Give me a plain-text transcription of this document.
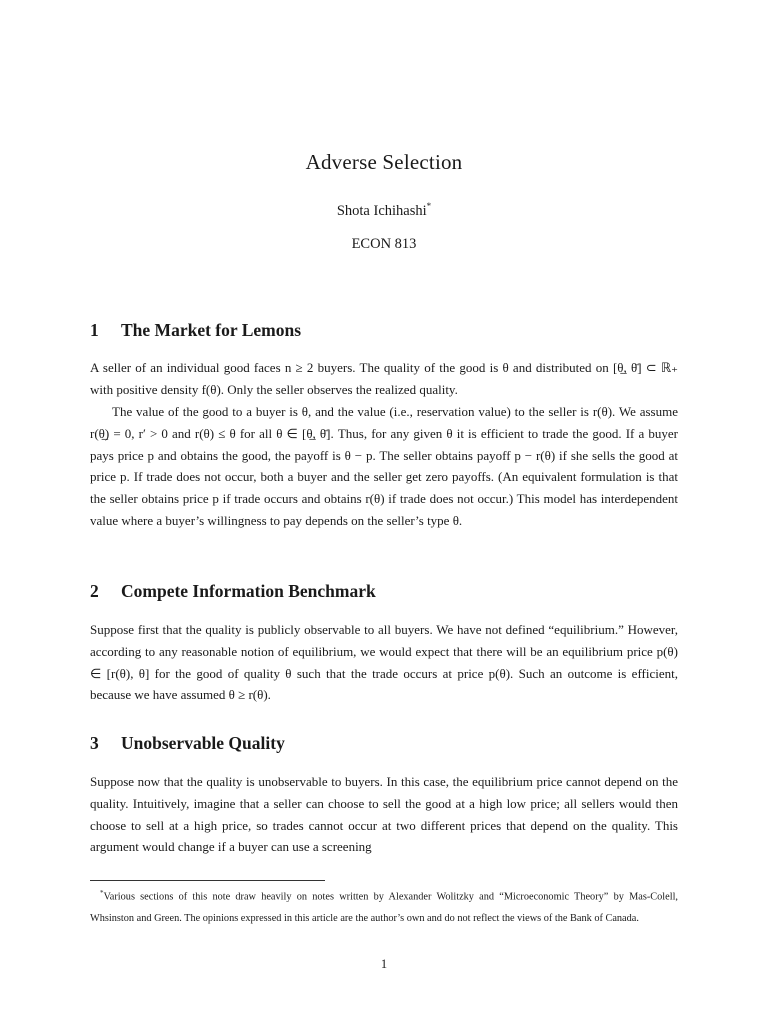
Adverse Selection
Shota Ichihashi*
ECON 813
1 The Market for Lemons
A seller of an individual good faces n ≥ 2 buyers. The quality of the good is θ and distributed on [θ̲, θ̄] ⊂ ℝ₊ with positive density f(θ). Only the seller observes the realized quality.
The value of the good to a buyer is θ, and the value (i.e., reservation value) to the seller is r(θ). We assume r(θ̲) = 0, r′ > 0 and r(θ) ≤ θ for all θ ∈ [θ̲, θ̄]. Thus, for any given θ it is efficient to trade the good. If a buyer pays price p and obtains the good, the payoff is θ − p. The seller obtains payoff p − r(θ) if she sells the good at price p. If trade does not occur, both a buyer and the seller get zero payoffs. (An equivalent formulation is that the seller obtains price p if trade occurs and obtains r(θ) if trade does not occur.) This model has interdependent value where a buyer’s willingness to pay depends on the seller’s type θ.
2 Compete Information Benchmark
Suppose first that the quality is publicly observable to all buyers. We have not defined “equilibrium.” However, according to any reasonable notion of equilibrium, we would expect that there will be an equilibrium price p(θ) ∈ [r(θ), θ] for the good of quality θ such that the trade occurs at price p(θ). Such an outcome is efficient, because we have assumed θ ≥ r(θ).
3 Unobservable Quality
Suppose now that the quality is unobservable to buyers. In this case, the equilibrium price cannot depend on the quality. Intuitively, imagine that a seller can choose to sell the good at a high low price; all sellers would then choose to sell at a high price, so trades cannot occur at two different prices that depend on the quality. This argument would change if a buyer can use a screening
*Various sections of this note draw heavily on notes written by Alexander Wolitzky and “Microeconomic Theory” by Mas-Colell, Whsinston and Green. The opinions expressed in this article are the author’s own and do not reflect the views of the Bank of Canada.
1
